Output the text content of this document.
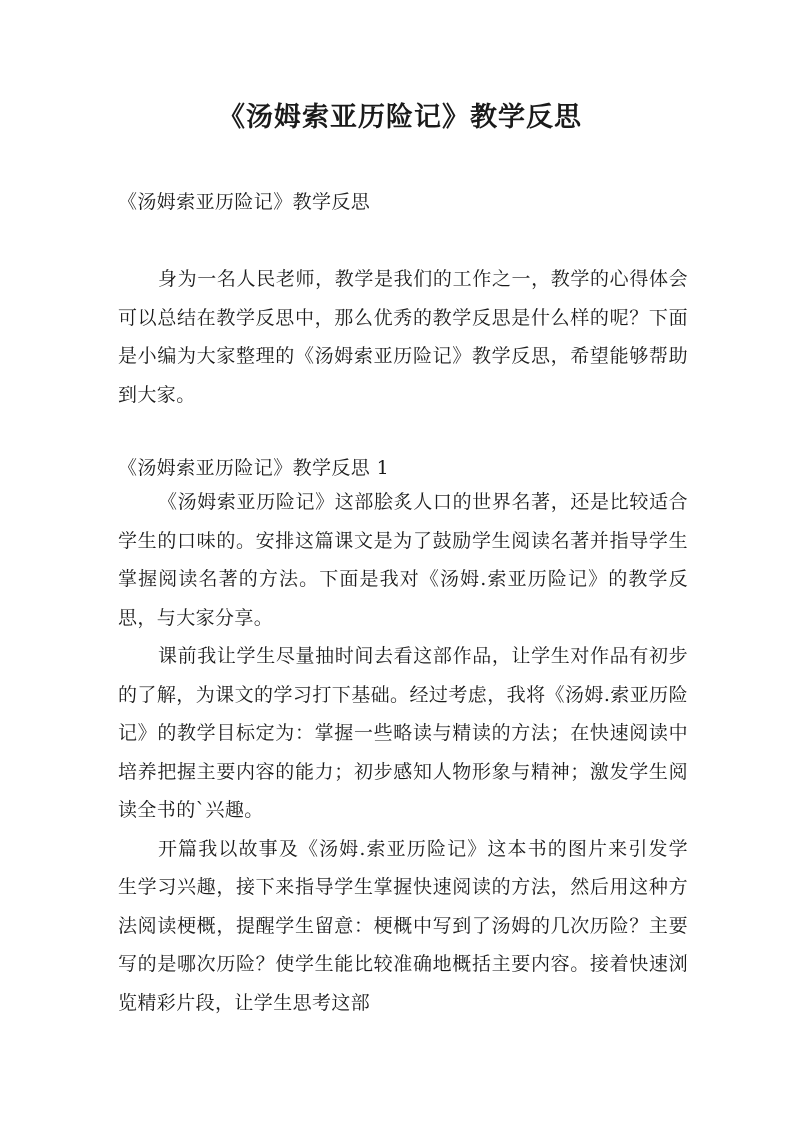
《汤姆索亚历险记》教学反思

《汤姆索亚历险记》教学反思

身为一名人民老师，教学是我们的工作之一，教学的心得体会可以总结在教学反思中，那么优秀的教学反思是什么样的呢？下面是小编为大家整理的《汤姆索亚历险记》教学反思，希望能够帮助到大家。

《汤姆索亚历险记》教学反思 1

《汤姆索亚历险记》这部脍炙人口的世界名著，还是比较适合学生的口味的。安排这篇课文是为了鼓励学生阅读名著并指导学生掌握阅读名著的方法。下面是我对《汤姆.索亚历险记》的教学反思，与大家分享。

课前我让学生尽量抽时间去看这部作品，让学生对作品有初步的了解，为课文的学习打下基础。经过考虑，我将《汤姆.索亚历险记》的教学目标定为：掌握一些略读与精读的方法；在快速阅读中培养把握主要内容的能力；初步感知人物形象与精神；激发学生阅读全书的`兴趣。

开篇我以故事及《汤姆.索亚历险记》这本书的图片来引发学生学习兴趣，接下来指导学生掌握快速阅读的方法，然后用这种方法阅读梗概，提醒学生留意：梗概中写到了汤姆的几次历险？主要写的是哪次历险？使学生能比较准确地概括主要内容。接着快速浏览精彩片段，让学生思考这部
